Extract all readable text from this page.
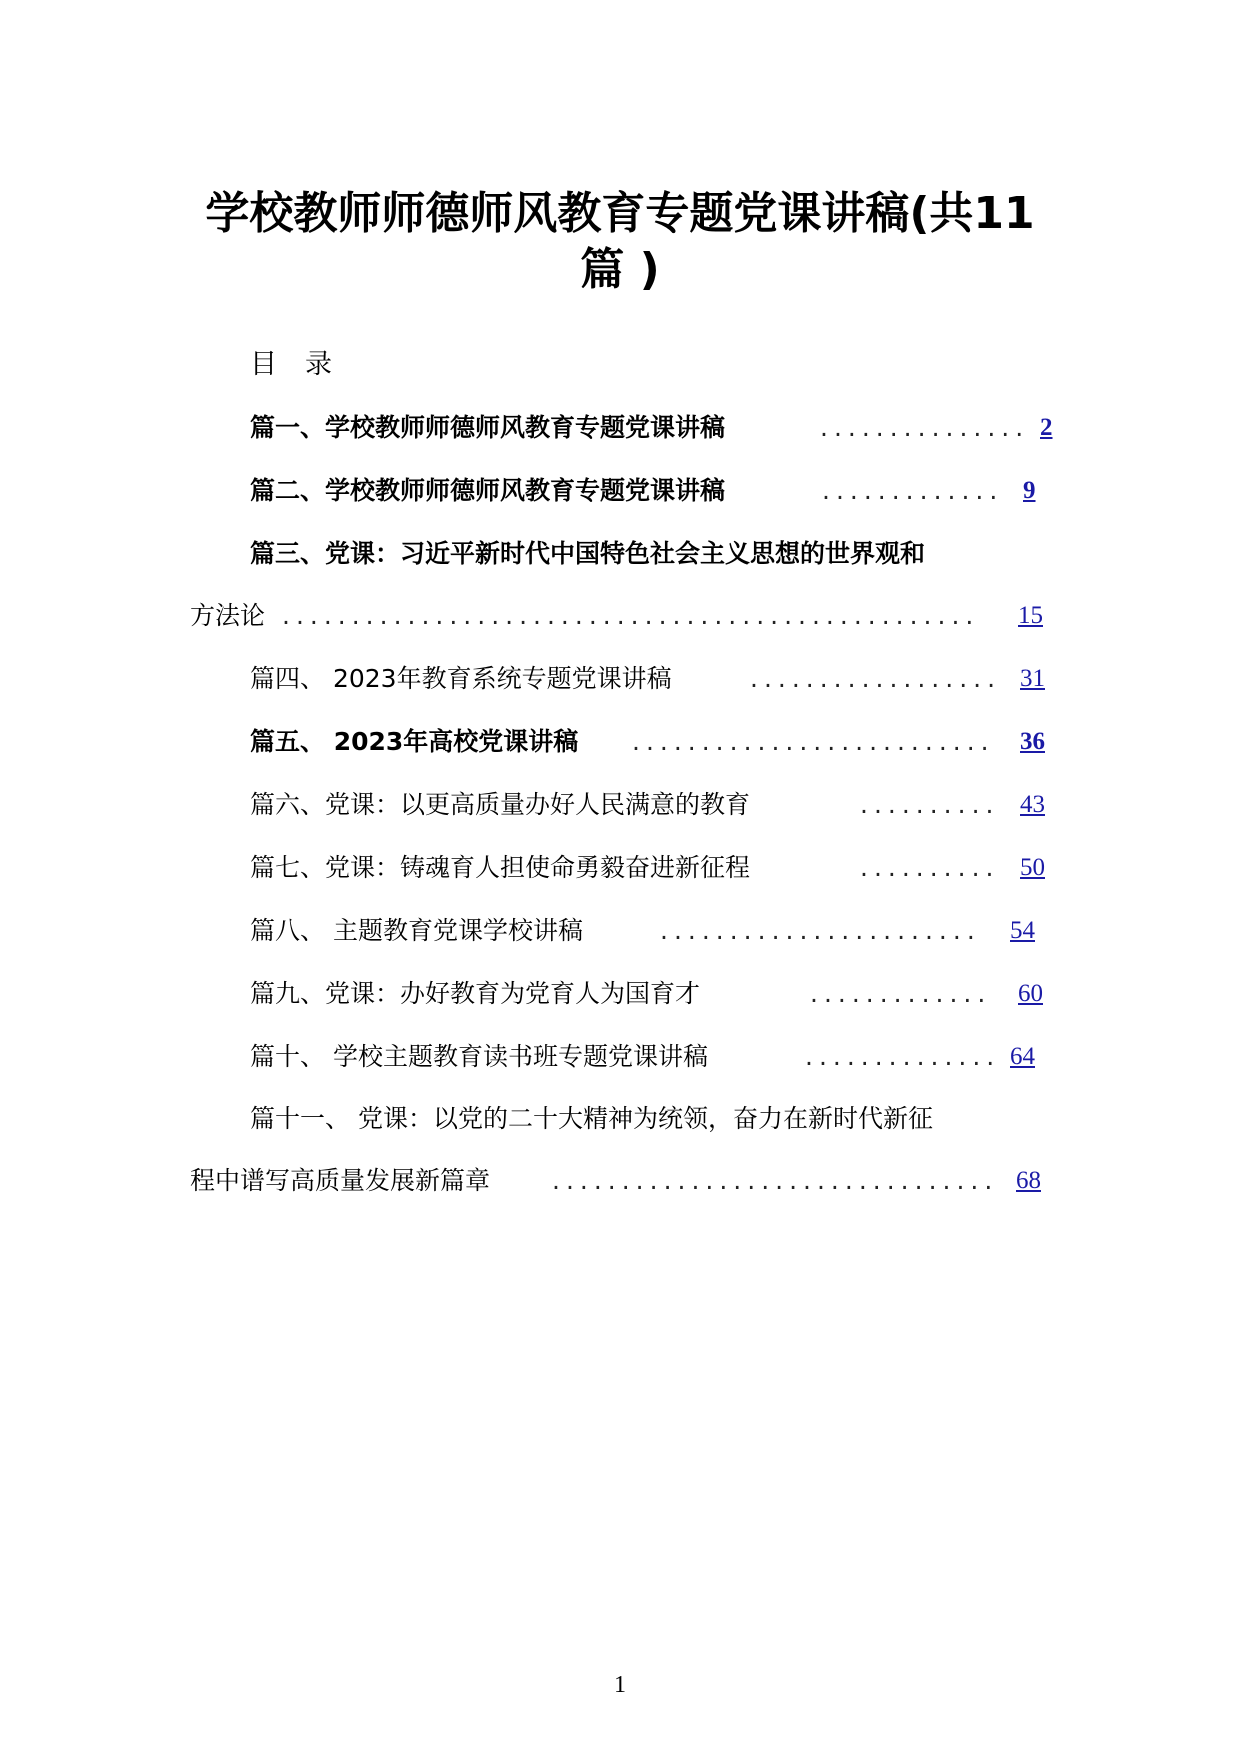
学校教师师德师风教育专题党课讲稿(共11
篇 )
目 录
篇一、学校教师师德师风教育专题党课讲稿	............... 2
篇二、学校教师师德师风教育专题党课讲稿	............. 9
篇三、党课：习近平新时代中国特色社会主义思想的世界观和
方法论 .................................................. 15
篇四、 2023年教育系统专题党课讲稿	.................. 31
篇五、 2023年高校党课讲稿 ..........................	36
篇六、党课：以更高质量办好人民满意的教育	.......... 43
篇七、党课：铸魂育人担使命勇毅奋进新征程	.......... 50
篇八、 主题教育党课学校讲稿	.......................	54
篇九、党课：办好教育为党育人为国育才	.............	60
篇十、 学校主题教育读书班专题党课讲稿	.............. 64
篇十一、 党课：以党的二十大精神为统领，奋力在新时代新征
程中谱写高质量发展新篇章 ................................ 68

1
